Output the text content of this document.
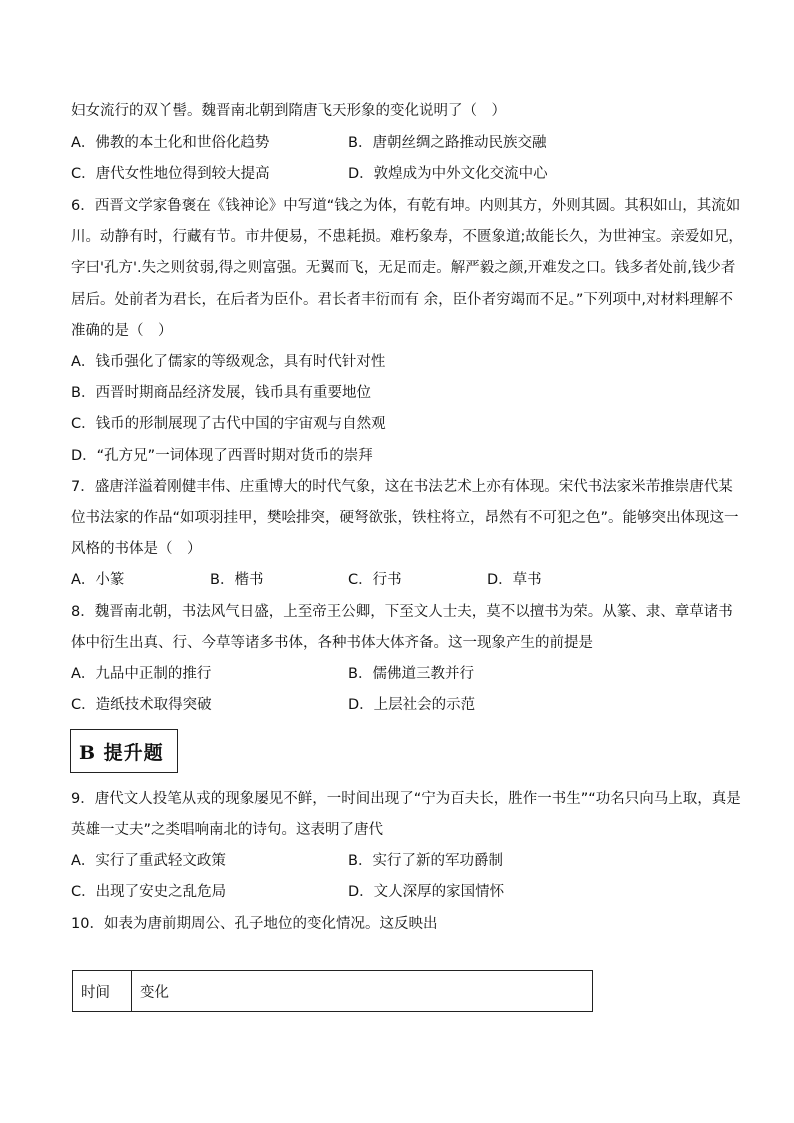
妇女流行的双丫髻。魏晋南北朝到隋唐飞天形象的变化说明了（　）
A．佛教的本土化和世俗化趋势	B．唐朝丝绸之路推动民族交融
C．唐代女性地位得到较大提高	D．敦煌成为中外文化交流中心
6．西晋文学家鲁褒在《钱神论》中写道“钱之为体，有乾有坤。内则其方，外则其圆。其积如山，其流如
川。动静有时，行藏有节。市井便易，不患耗损。难朽象寿，不匮象道;故能长久，为世神宝。亲爱如兄，
字曰'孔方'.失之则贫弱,得之则富强。无翼而飞，无足而走。解严毅之颜,开难发之口。钱多者处前,钱少者
居后。处前者为君长，在后者为臣仆。君长者丰衍而有 余，臣仆者穷竭而不足。”下列项中,对材料理解不
准确的是（　）
A．钱币强化了儒家的等级观念，具有时代针对性
B．西晋时期商品经济发展，钱币具有重要地位
C．钱币的形制展现了古代中国的宇宙观与自然观
D．“孔方兄”一词体现了西晋时期对货币的崇拜
7．盛唐洋溢着刚健丰伟、庄重博大的时代气象，这在书法艺术上亦有体现。宋代书法家米芾推崇唐代某
位书法家的作品“如项羽挂甲，樊哙排突，硬弩欲张，铁柱将立，昂然有不可犯之色”。能够突出体现这一
风格的书体是（　）
A．小篆	B．楷书	C．行书	D．草书
8．魏晋南北朝，书法风气日盛，上至帝王公卿，下至文人士夫，莫不以擅书为荣。从篆、隶、章草诸书
体中衍生出真、行、今草等诸多书体，各种书体大体齐备。这一现象产生的前提是
A．九品中正制的推行	B．儒佛道三教并行
C．造纸技术取得突破	D．上层社会的示范
B 提升题
9．唐代文人投笔从戎的现象屡见不鲜，一时间出现了“宁为百夫长，胜作一书生”“功名只向马上取，真是
英雄一丈夫”之类唱响南北的诗句。这表明了唐代
A．实行了重武轻文政策	B．实行了新的军功爵制
C．出现了安史之乱危局	D．文人深厚的家国情怀
10．如表为唐前期周公、孔子地位的变化情况。这反映出
时间	变化
